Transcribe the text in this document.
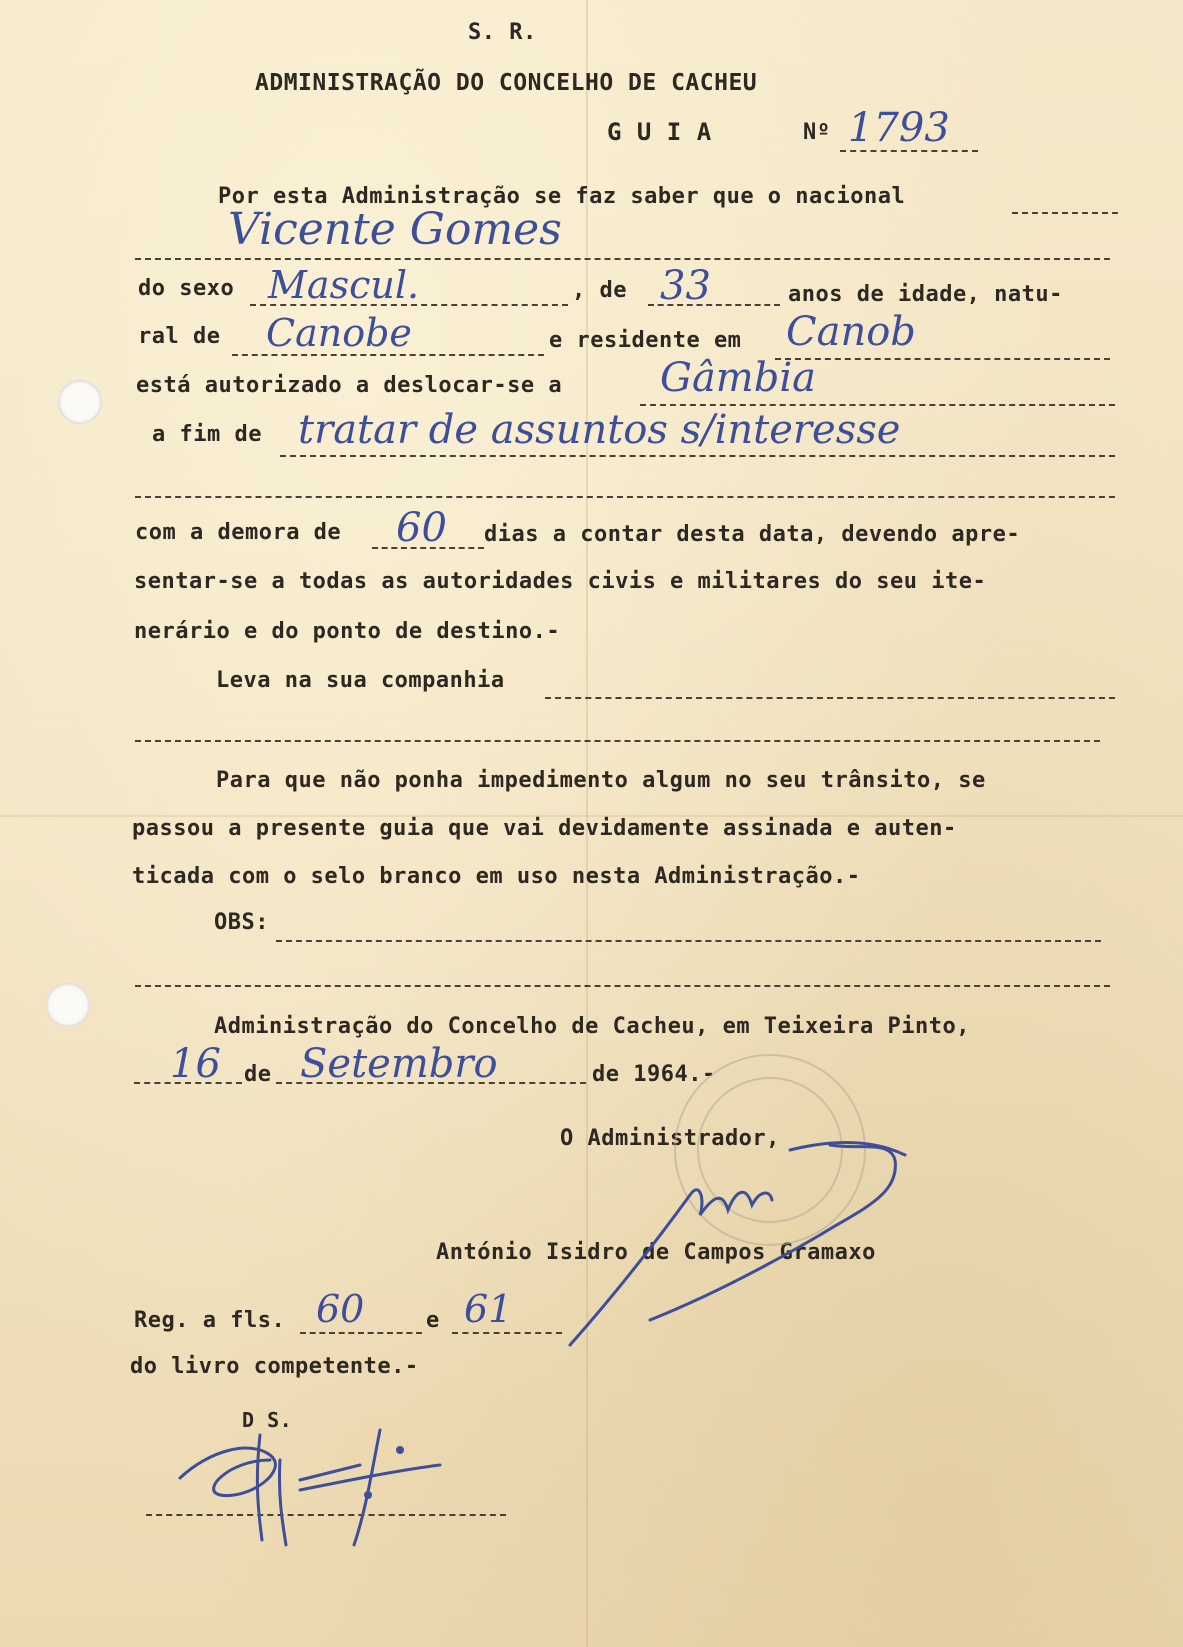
S. R.
ADMINISTRAÇÃO DO CONCELHO DE CACHEU
G U I A	Nº 1793
Por esta Administração se faz saber que o nacional
Vicente Gomes
do sexo Mascul.	, de 33	anos de idade, natu-
ral de Canobe	e residente em Canob
está autorizado a deslocar-se a Gâmbia
a fim de tratar de assuntos s/interesse
com a demora de 60 dias a contar desta data, devendo apre-
sentar-se a todas as autoridades civis e militares do seu ite-
nerário e do ponto de destino.-
Leva na sua companhia
Para que não ponha impedimento algum no seu trânsito, se
passou a presente guia que vai devidamente assinada e auten-
ticada com o selo branco em uso nesta Administração.-
OBS:
Administração do Concelho de Cacheu, em Teixeira Pinto,
16 de Setembro	de 1964.-
O Administrador,
António Isidro de Campos Gramaxo
Reg. a fls. 60	e 61
do livro competente.-
D S.
